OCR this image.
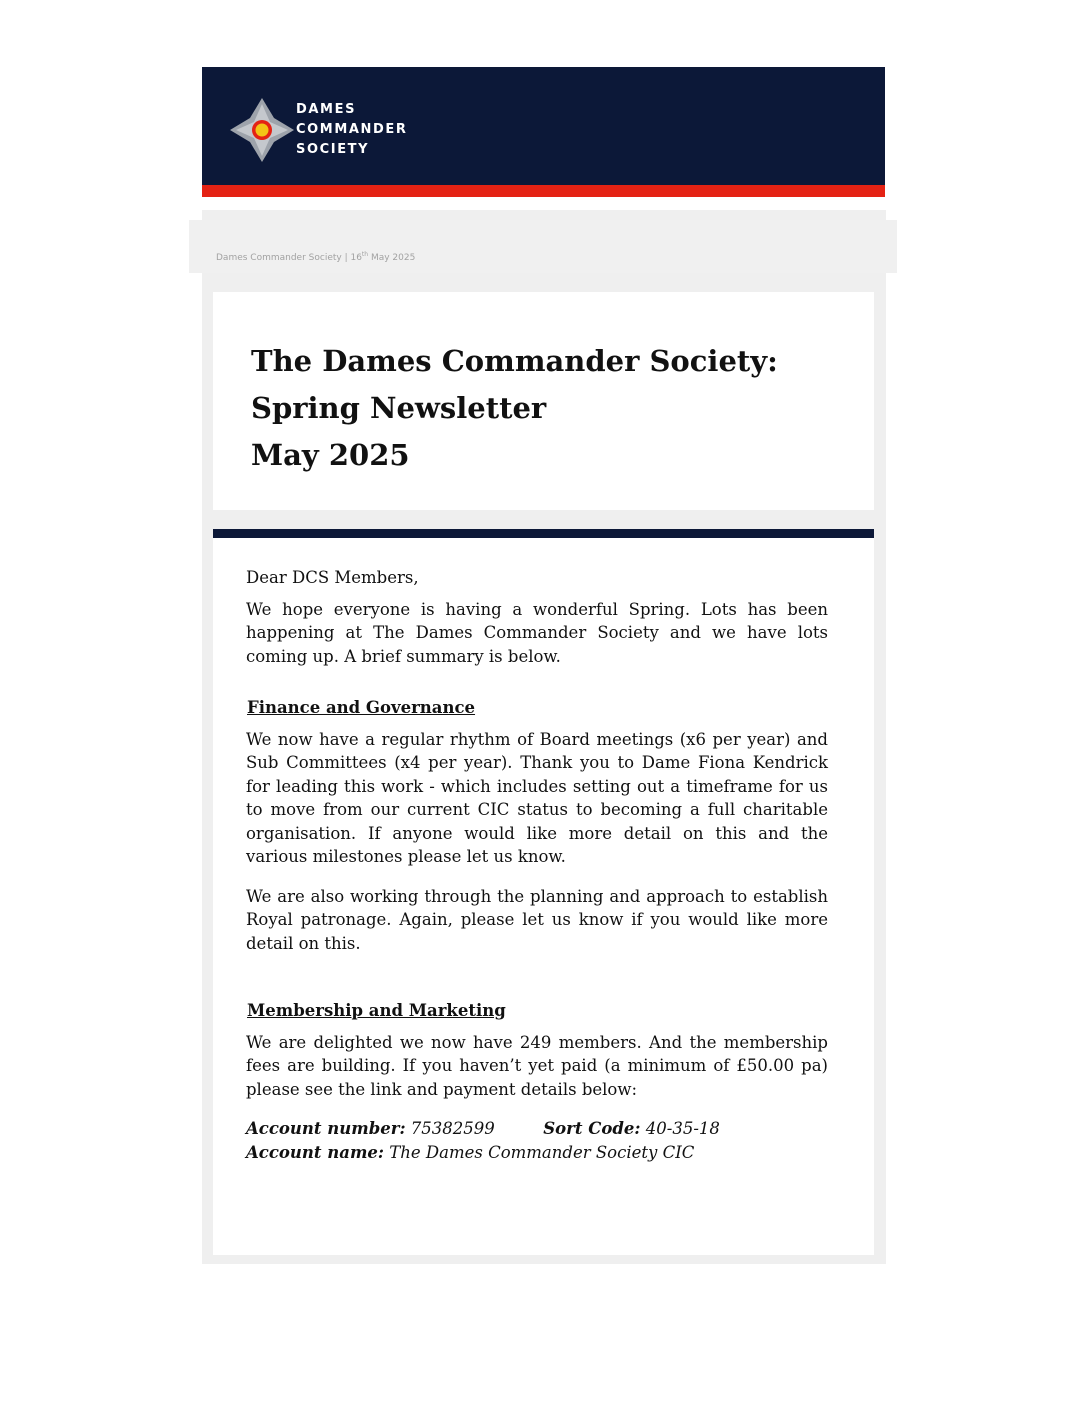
DAMES
COMMANDER
SOCIETY
Dames Commander Society | 16th May 2025
The Dames Commander Society:
Spring Newsletter
May 2025

Dear DCS Members,

We hope everyone is having a wonderful Spring. Lots has been happening at The Dames Commander Society and we have lots coming up. A brief summary is below.

Finance and Governance

We now have a regular rhythm of Board meetings (x6 per year) and Sub Committees (x4 per year). Thank you to Dame Fiona Kendrick for leading this work - which includes setting out a timeframe for us to move from our current CIC status to becoming a full charitable organisation. If anyone would like more detail on this and the various milestones please let us know.

We are also working through the planning and approach to establish Royal patronage. Again, please let us know if you would like more detail on this.

Membership and Marketing

We are delighted we now have 249 members. And the membership fees are building. If you haven’t yet paid (a minimum of £50.00 pa) please see the link and payment details below:

Account number: 75382599	Sort Code: 40-35-18
Account name: The Dames Commander Society CIC
